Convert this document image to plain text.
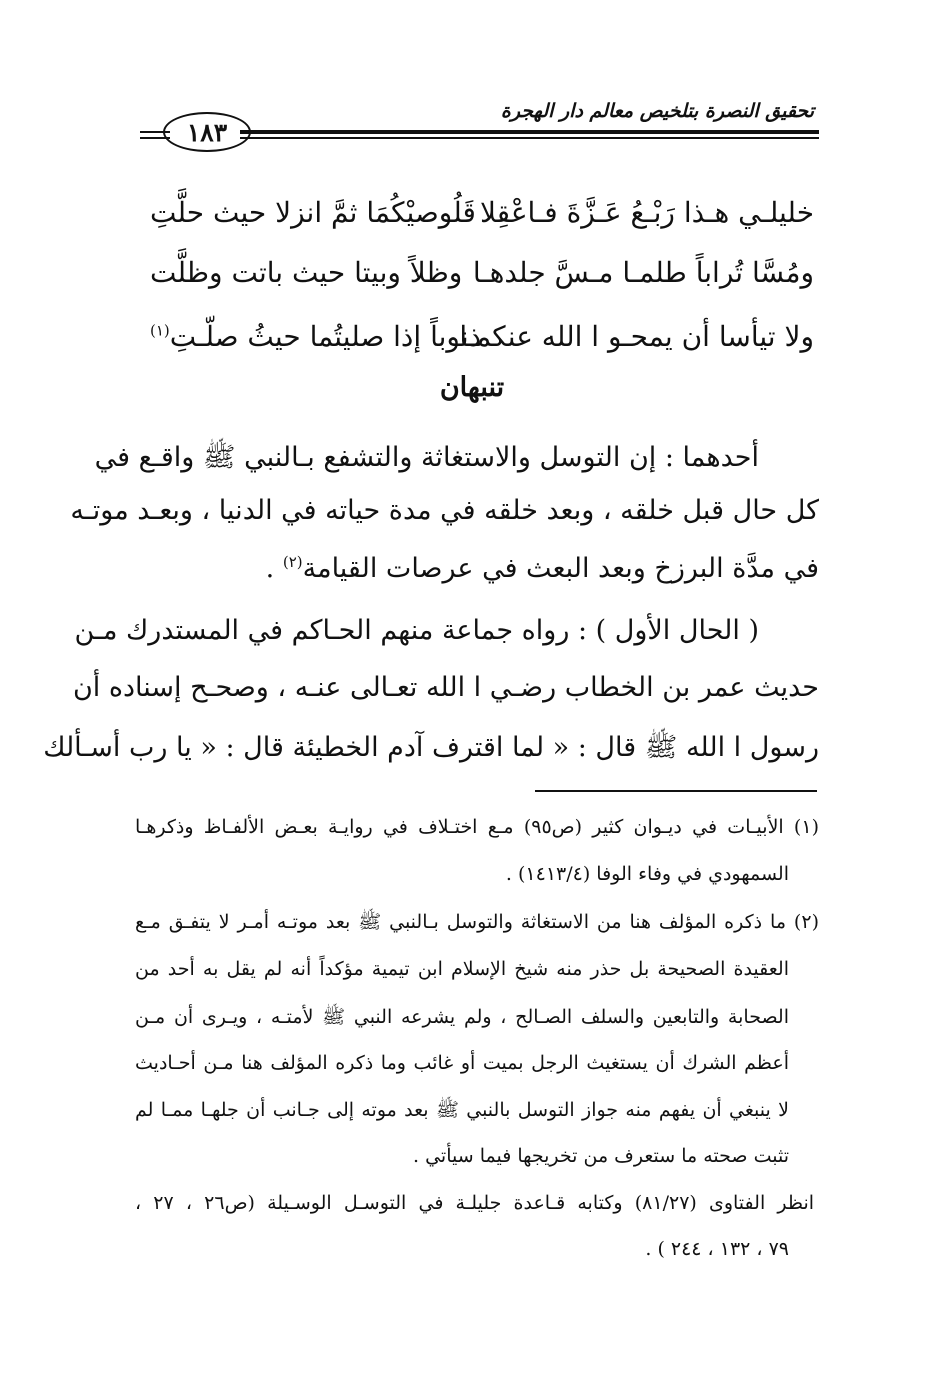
تحقيق النصرة بتلخيص معالم دار الهجرة
١٨٣
خليلـي هـذا رَبْـعُ عَـزَّةَ فـاعْقِلا
قَلُوصيْكُمَا ثمَّ انزلا حيث حلَّتِ
ومُسَّا تُراباً طلمـا مـسَّ جلدهـا
وظلاً وبيتا حيث باتت وظلَّت
ولا تيأسا أن يمحـو ا الله عنكمـا
ذنوباً إذا صليتُما حيثُ صلّـتِ$^{(١)}$
تنبهان
أحدهما : إن التوسل والاستغاثة والتشفع بـالنبي ﷺ واقـع في
كل حال قبل خلقه ، وبعد خلقه في مدة حياته في الدنيا ، وبعـد موتـه
في مدَّة البرزخ وبعد البعث في عرصات القيامة$^{(٢)}$ .
( الحال الأول ) : رواه جماعة منهم الحـاكم في المستدرك مـن
حديث عمر بن الخطاب رضـي ا الله تعـالى عنـه ، وصحـح إسناده أن
رسول ا الله ﷺ قال : « لما اقترف آدم الخطيئة قال : « يا رب أسـألك
(١) الأبيـات في ديـوان كثير (ص٩٥) مـع اختـلاف في روايـة بعـض الألفـاظ وذكرهـا
السمهودي في وفاء الوفا (١٤١٣/٤) .
(٢) ما ذكره المؤلف هنا من الاستغاثة والتوسل بـالنبي ﷺ بعد موتـه أمـر لا يتفـق مـع
العقيدة الصحيحة بل حذر منه شيخ الإسلام ابن تيمية مؤكداً أنه لم يقل به أحد من
الصحابة والتابعين والسلف الصـالح ، ولم يشرعه النبي ﷺ لأمتـه ، ويـرى أن مـن
أعظم الشرك أن يستغيث الرجل بميت أو غائب وما ذكره المؤلف هنا مـن أحـاديث
لا ينبغي أن يفهم منه جواز التوسل بالنبي ﷺ بعد موته إلى جـانب أن جلهـا ممـا لم
تثبت صحته ما ستعرف من تخريجها فيما سيأتي .
انظر الفتاوى (٨١/٢٧) وكتابه قـاعدة جليلـة في التوسـل الوسـيلة (ص٢٦ ، ٢٧ ،
٧٩ ، ١٣٢ ، ٢٤٤ ) .
